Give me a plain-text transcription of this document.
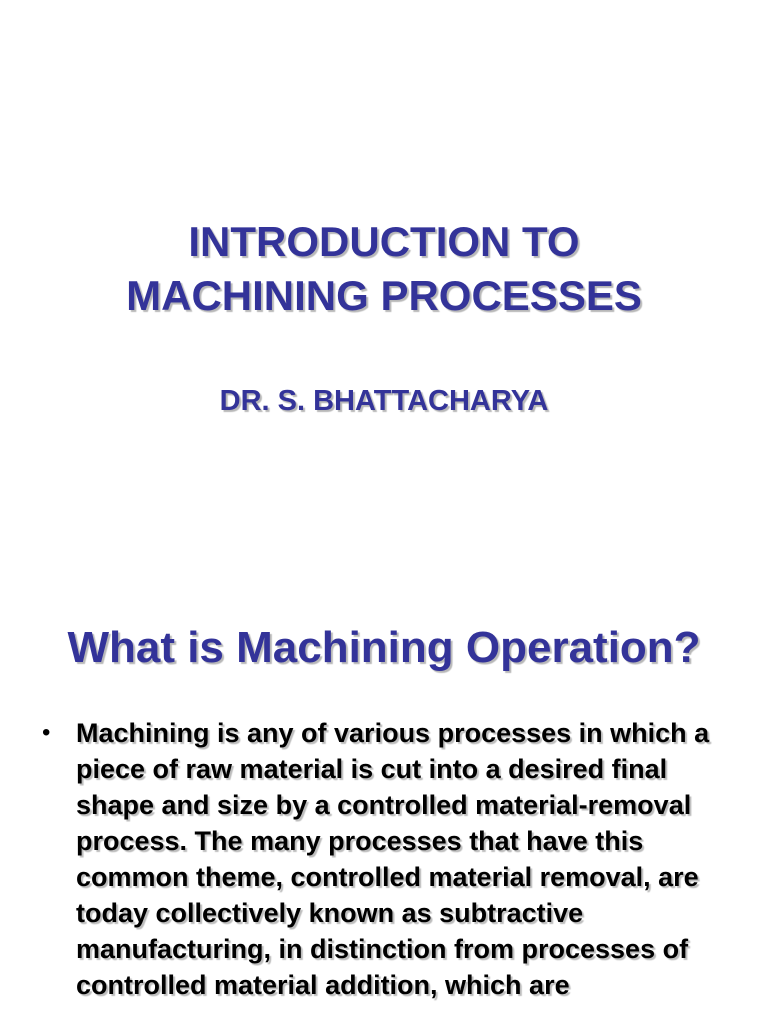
INTRODUCTION TO
MACHINING PROCESSES
DR. S. BHATTACHARYA
What is Machining Operation?
• Machining is any of various processes in which a piece of raw material is cut into a desired final shape and size by a controlled material-removal process. The many processes that have this common theme, controlled material removal, are today collectively known as subtractive manufacturing, in distinction from processes of controlled material addition, which are
